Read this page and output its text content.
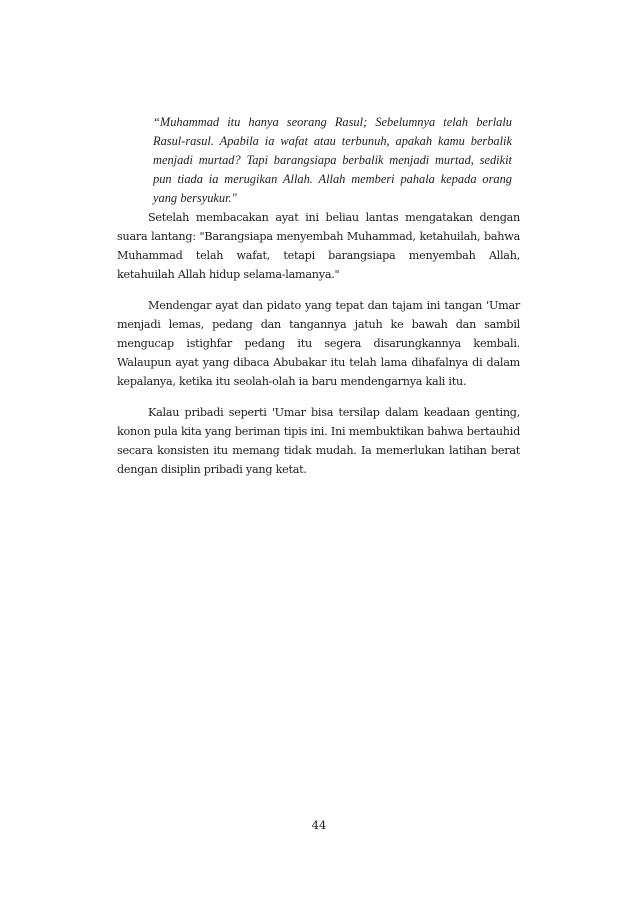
“Muhammad itu hanya seorang Rasul; Sebelumnya telah berlalu Rasul-rasul. Apabila ia wafat atau terbunuh, apakah kamu berbalik menjadi murtad? Tapi barangsiapa berbalik menjadi murtad, sedikit pun tiada ia merugikan Allah. Allah memberi pahala kepada orang yang bersyukur."

Setelah membacakan ayat ini beliau lantas mengatakan dengan suara lantang: "Barangsiapa menyembah Muhammad, ketahuilah, bahwa Muhammad telah wafat, tetapi barangsiapa menyembah Allah, ketahuilah Allah hidup selama-lamanya."

Mendengar ayat dan pidato yang tepat dan tajam ini tangan 'Umar menjadi lemas, pedang dan tangannya jatuh ke bawah dan sambil mengucap istighfar pedang itu segera disarungkannya kembali. Walaupun ayat yang dibaca Abubakar itu telah lama dihafalnya di dalam kepalanya, ketika itu seolah-olah ia baru mendengarnya kali itu.

Kalau pribadi seperti 'Umar bisa tersilap dalam keadaan genting, konon pula kita yang beriman tipis ini. Ini membuktikan bahwa bertauhid secara konsisten itu memang tidak mudah. Ia memerlukan latihan berat dengan disiplin pribadi yang ketat.

44
